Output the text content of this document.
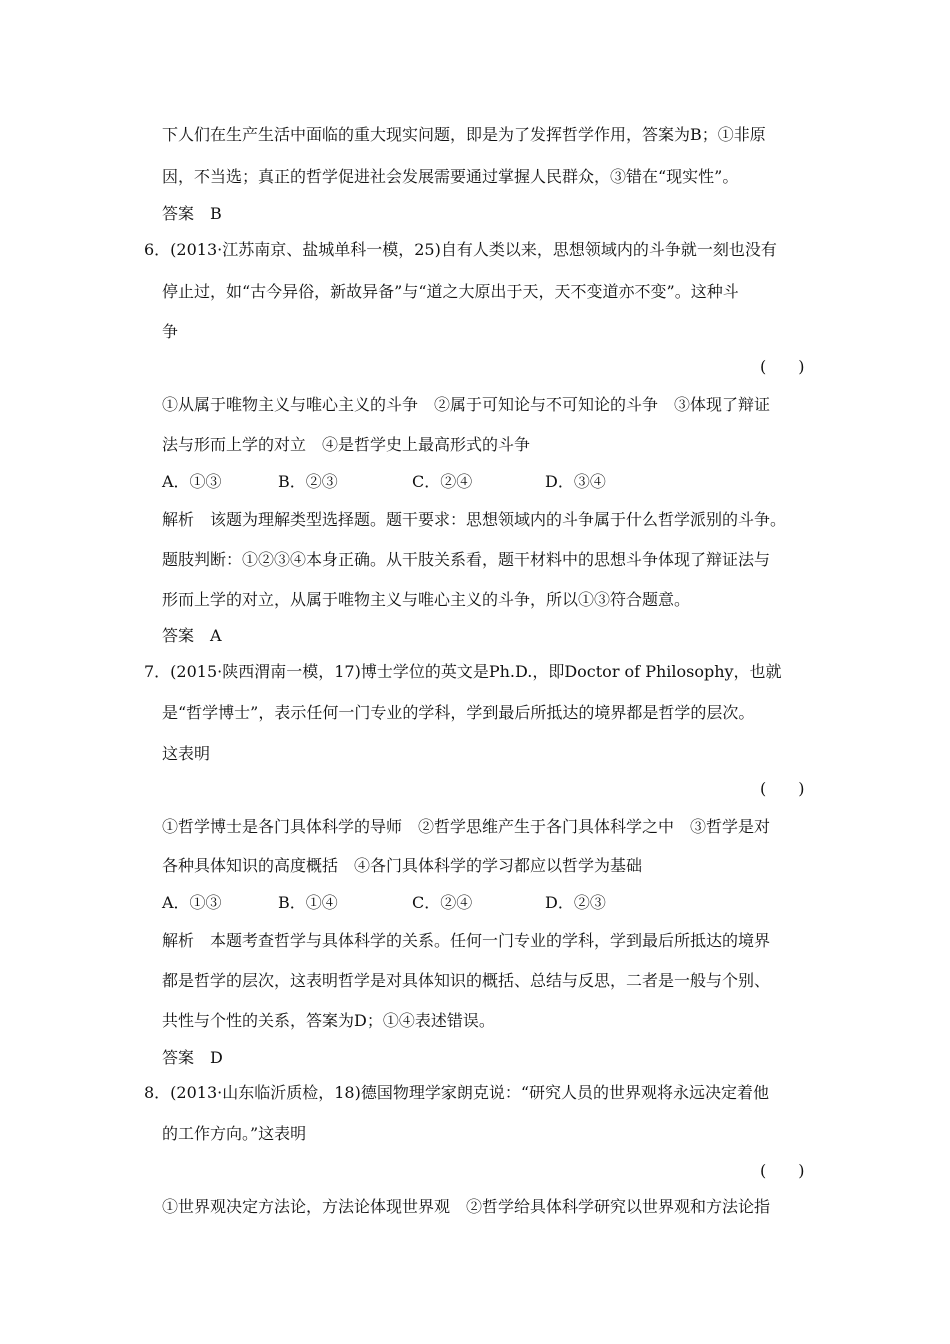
下人们在生产生活中面临的重大现实问题，即是为了发挥哲学作用，答案为B；①非原
因，不当选；真正的哲学促进社会发展需要通过掌握人民群众，③错在“现实性”。
答案　B
6．(2013·江苏南京、盐城单科一模，25)自有人类以来，思想领域内的斗争就一刻也没有
停止过，如“古今异俗，新故异备”与“道之大原出于天，天不变道亦不变”。这种斗
争
(　　)
①从属于唯物主义与唯心主义的斗争　②属于可知论与不可知论的斗争　③体现了辩证
法与形而上学的对立　④是哲学史上最高形式的斗争
A．①③	B．②③	C．②④	D．③④
解析　该题为理解类型选择题。题干要求：思想领域内的斗争属于什么哲学派别的斗争。
题肢判断：①②③④本身正确。从干肢关系看，题干材料中的思想斗争体现了辩证法与
形而上学的对立，从属于唯物主义与唯心主义的斗争，所以①③符合题意。
答案　A
7．(2015·陕西渭南一模，17)博士学位的英文是Ph.D.，即Doctor of Philosophy，也就
是“哲学博士”，表示任何一门专业的学科，学到最后所抵达的境界都是哲学的层次。
这表明
(　　)
①哲学博士是各门具体科学的导师　②哲学思维产生于各门具体科学之中　③哲学是对
各种具体知识的高度概括　④各门具体科学的学习都应以哲学为基础
A．①③	B．①④	C．②④	D．②③
解析　本题考查哲学与具体科学的关系。任何一门专业的学科，学到最后所抵达的境界
都是哲学的层次，这表明哲学是对具体知识的概括、总结与反思，二者是一般与个别、
共性与个性的关系，答案为D；①④表述错误。
答案　D
8．(2013·山东临沂质检，18)德国物理学家朗克说：“研究人员的世界观将永远决定着他
的工作方向。”这表明
(　　)
①世界观决定方法论，方法论体现世界观　②哲学给具体科学研究以世界观和方法论指
